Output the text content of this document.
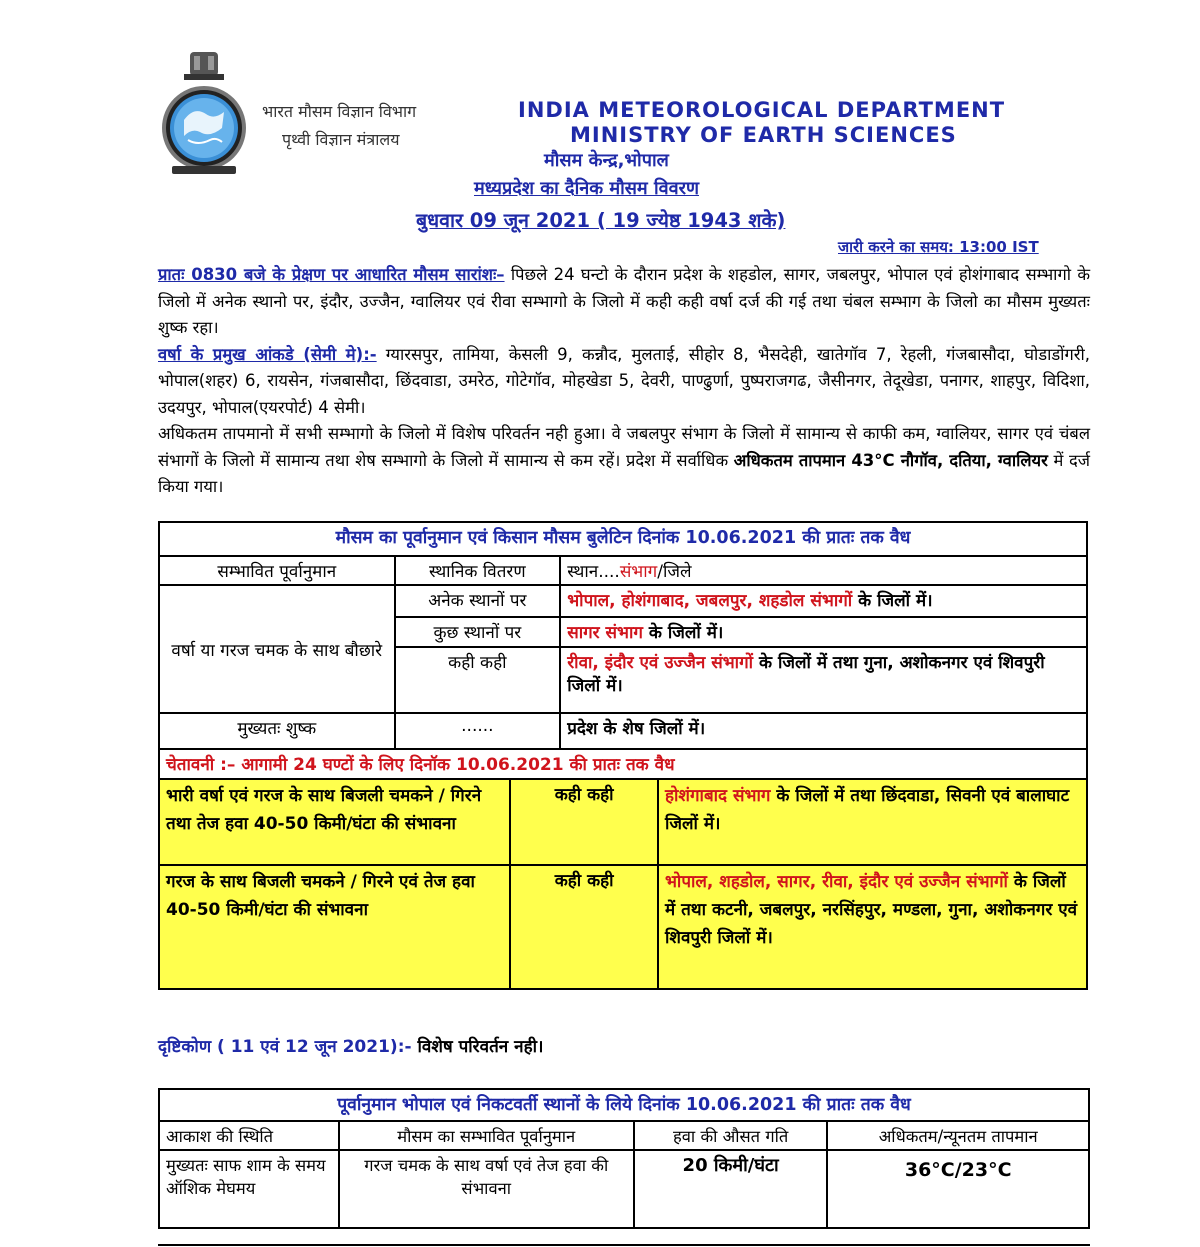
भारत मौसम विज्ञान विभाग
पृथ्वी विज्ञान मंत्रालय
INDIA METEOROLOGICAL DEPARTMENT
MINISTRY OF EARTH SCIENCES
मौसम केन्द्र,भोपाल
मध्यप्रदेश का दैनिक मौसम विवरण
बुधवार 09 जून 2021 ( 19 ज्येष्ठ 1943 शके)
जारी करने का समय: 13:00 IST

प्रातः 0830 बजे के प्रेक्षण पर आधारित मौसम सारांशः– पिछले 24 घन्टो के दौरान प्रदेश के शहडोल, सागर, जबलपुर, भोपाल एवं होशंगाबाद सम्भागो के जिलो में अनेक स्थानो पर, इंदौर, उज्जैन, ग्वालियर एवं रीवा सम्भागो के जिलो में कही कही वर्षा दर्ज की गई तथा चंबल सम्भाग के जिलो का मौसम मुख्यतः शुष्क रहा।

वर्षा के प्रमुख आंकडे (सेमी मे):- ग्यारसपुर, तामिया, केसली 9, कन्नौद, मुलताई, सीहोर 8, भैसदेही, खातेगॉव 7, रेहली, गंजबासौदा, घोडाडोंगरी, भोपाल(शहर) 6, रायसेन, गंजबासौदा, छिंदवाडा, उमरेठ, गोटेगॉव, मोहखेडा 5, देवरी, पाण्ढुर्णा, पुष्पराजगढ, जैसीनगर, तेदूखेडा, पनागर, शाहपुर, विदिशा, उदयपुर, भोपाल(एयरपोर्ट) 4 सेमी।

अधिकतम तापमानो में सभी सम्भागो के जिलो में विशेष परिवर्तन नही हुआ। वे जबलपुर संभाग के जिलो में सामान्य से काफी कम, ग्वालियर, सागर एवं चंबल संभागों के जिलो में सामान्य तथा शेष सम्भागो के जिलो में सामान्य से कम रहें। प्रदेश में सर्वाधिक अधिकतम तापमान 43°C नौगॉव, दतिया, ग्वालियर में दर्ज किया गया।

मौसम का पूर्वानुमान एवं किसान मौसम बुलेटिन दिनांक 10.06.2021 की प्रातः तक वैध				
सम्भावित पूर्वानुमान	स्थानिक वितरण		स्थान....संभाग/जिले	
वर्षा या गरज चमक के साथ बौछारे	अनेक स्थानों पर		भोपाल, होशंगाबाद, जबलपुर, शहडोल संभागों के जिलों में।	
	कुछ स्थानों पर		सागर संभाग के जिलों में।	
	कही कही		रीवा, इंदौर एवं उज्जैन संभागों के जिलों में तथा गुना, अशोकनगर एवं शिवपुरी जिलों में।	
मुख्यतः शुष्क	......		प्रदेश के शेष जिलों में।	
चेतावनी :– आगामी 24 घण्टों के लिए दिनॉक 10.06.2021 की प्रातः तक वैध				
भारी वर्षा एवं गरज के साथ बिजली चमकने / गिरने तथा तेज हवा 40-50 किमी/घंटा की संभावना		कही कही		होशंगाबाद संभाग के जिलों में तथा छिंदवाडा, सिवनी एवं बालाघाट जिलों में।
गरज के साथ बिजली चमकने / गिरने एवं तेज हवा 40-50 किमी/घंटा की संभावना		कही कही		भोपाल, शहडोल, सागर, रीवा, इंदौर एवं उज्जैन संभागों के जिलों में तथा कटनी, जबलपुर, नरसिंहपुर, मण्डला, गुना, अशोकनगर एवं शिवपुरी जिलों में।
दृष्टिकोण ( 11 एवं 12 जून 2021):- विशेष परिवर्तन नही।
पूर्वानुमान भोपाल एवं निकटवर्ती स्थानों के लिये दिनांक 10.06.2021 की प्रातः तक वैध			
आकाश की स्थिति	मौसम का सम्भावित पूर्वानुमान	हवा की औसत गति	अधिकतम/न्यूनतम तापमान
मुख्यतः साफ शाम के समय ऑशिक मेघमय	गरज चमक के साथ वर्षा एवं तेज हवा की संभावना	20 किमी/घंटा	36°C/23°C
